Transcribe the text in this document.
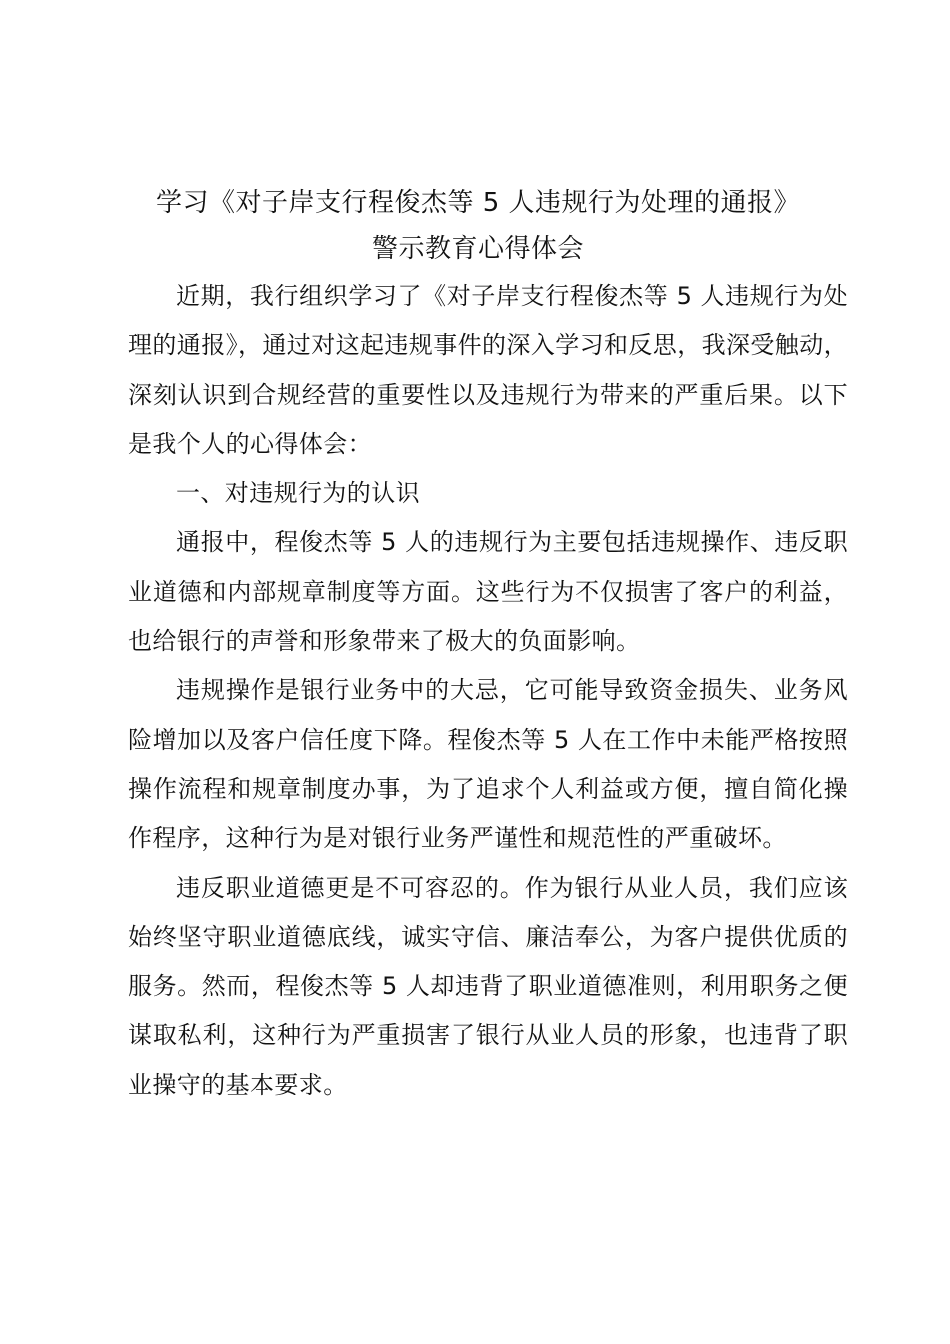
学习《对子岸支行程俊杰等 5 人违规行为处理的通报》
警示教育心得体会

近期，我行组织学习了《对子岸支行程俊杰等 5 人违规行为处理的通报》，通过对这起违规事件的深入学习和反思，我深受触动，深刻认识到合规经营的重要性以及违规行为带来的严重后果。以下是我个人的心得体会：

一、对违规行为的认识

通报中，程俊杰等 5 人的违规行为主要包括违规操作、违反职业道德和内部规章制度等方面。这些行为不仅损害了客户的利益，也给银行的声誉和形象带来了极大的负面影响。

违规操作是银行业务中的大忌，它可能导致资金损失、业务风险增加以及客户信任度下降。程俊杰等 5 人在工作中未能严格按照操作流程和规章制度办事，为了追求个人利益或方便，擅自简化操作程序，这种行为是对银行业务严谨性和规范性的严重破坏。

违反职业道德更是不可容忍的。作为银行从业人员，我们应该始终坚守职业道德底线，诚实守信、廉洁奉公，为客户提供优质的服务。然而，程俊杰等 5 人却违背了职业道德准则，利用职务之便谋取私利，这种行为严重损害了银行从业人员的形象，也违背了职业操守的基本要求。
